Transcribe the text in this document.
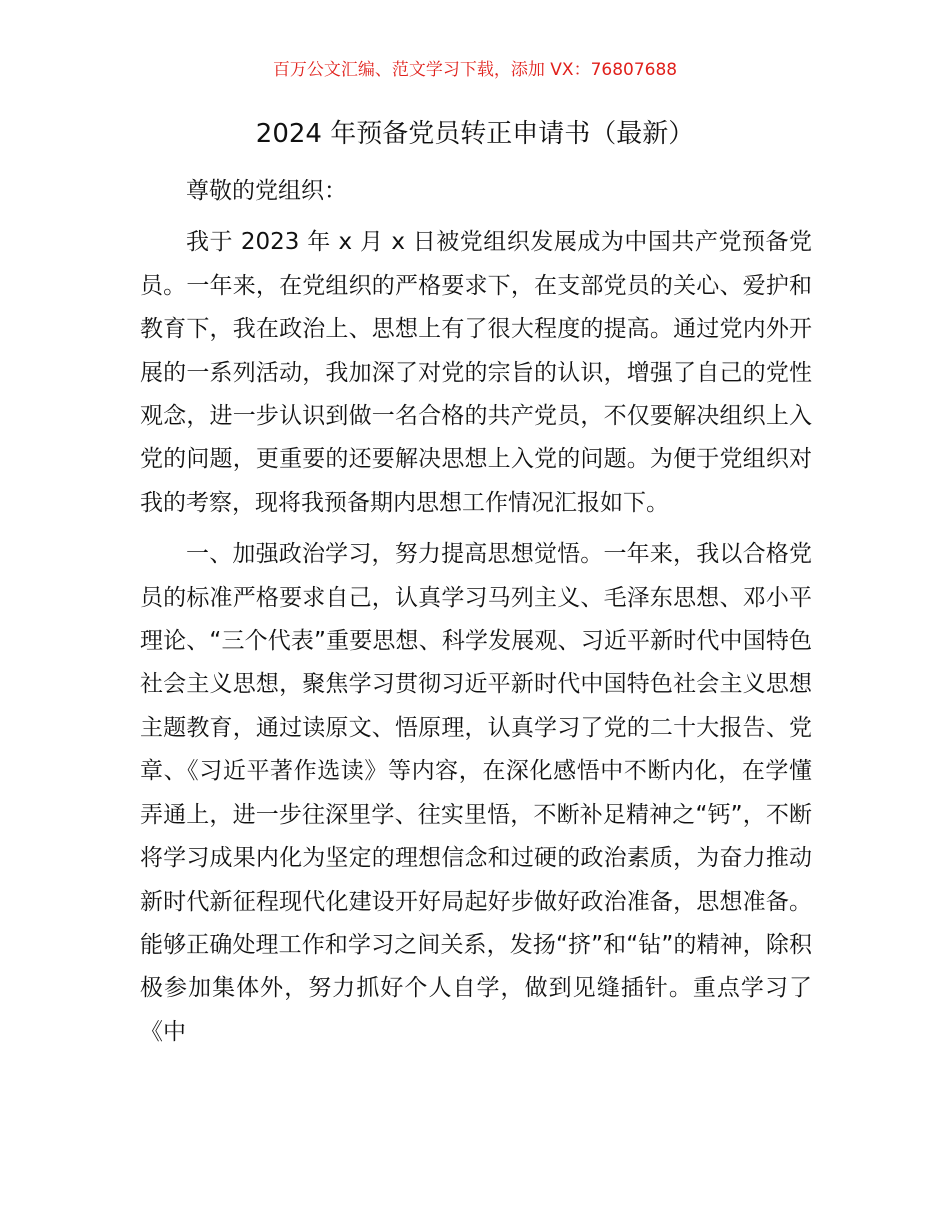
百万公文汇编、范文学习下载，添加 VX：76807688
2024 年预备党员转正申请书（最新）

尊敬的党组织：

我于 2023 年 x 月 x 日被党组织发展成为中国共产党预备党员。一年来，在党组织的严格要求下，在支部党员的关心、爱护和教育下，我在政治上、思想上有了很大程度的提高。通过党内外开展的一系列活动，我加深了对党的宗旨的认识，增强了自己的党性观念，进一步认识到做一名合格的共产党员，不仅要解决组织上入党的问题，更重要的还要解决思想上入党的问题。为便于党组织对我的考察，现将我预备期内思想工作情况汇报如下。

一、加强政治学习，努力提高思想觉悟。一年来，我以合格党员的标准严格要求自己，认真学习马列主义、毛泽东思想、邓小平理论、“三个代表”重要思想、科学发展观、习近平新时代中国特色社会主义思想，聚焦学习贯彻习近平新时代中国特色社会主义思想主题教育，通过读原文、悟原理，认真学习了党的二十大报告、党章、《习近平著作选读》等内容，在深化感悟中不断内化，在学懂弄通上，进一步往深里学、往实里悟，不断补足精神之“钙”，不断将学习成果内化为坚定的理想信念和过硬的政治素质，为奋力推动新时代新征程现代化建设开好局起好步做好政治准备，思想准备。能够正确处理工作和学习之间关系，发扬“挤”和“钻”的精神，除积极参加集体外，努力抓好个人自学，做到见缝插针。重点学习了《中
